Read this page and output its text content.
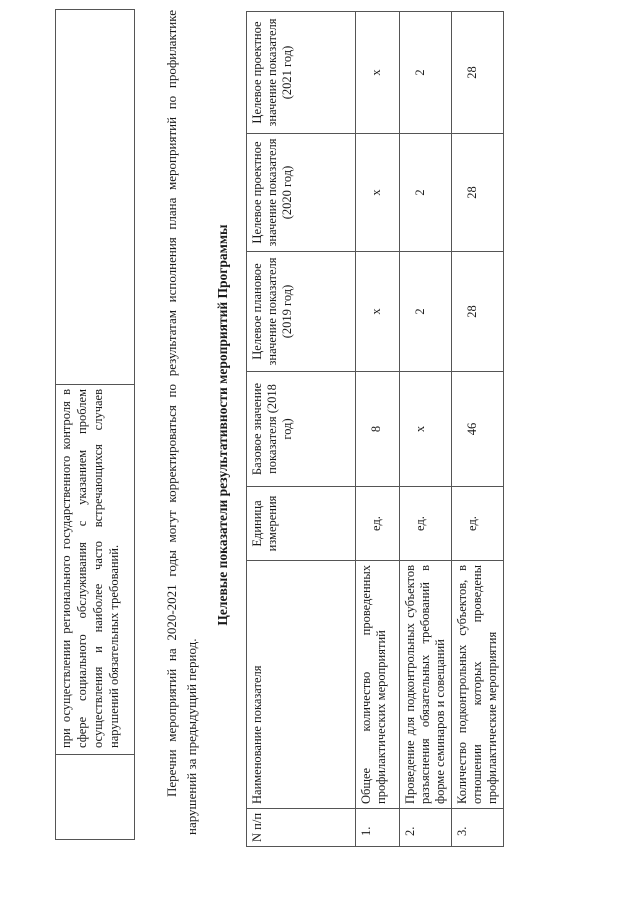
при осуществлении регионального государственного контроля в сфере социального обслуживания с указанием проблем осуществления и наиболее часто встречающихся случаев нарушений обязательных требований.
		Перечни мероприятий на 2020-2021 годы могут корректироваться по результатам исполнения плана мероприятий по профилактике нарушений за предыдущий период.
Целевые показатели результативности мероприятий Программы
N п/п	Наименование показателя	Единица измерения	Базовое значение показателя (2018 год)	Целевое плановое значение показателя (2019 год)	Целевое проектное значение показателя (2020 год)	Целевое проектное значение показателя (2021 год)
1.	Общее количество проведенных профилактических мероприятий	ед.	8	x	x	x
2.	Проведение для подконтрольных субъектов разъяснения обязательных требований в форме семинаров и совещаний	ед.	x	2	2	2
3.	Количество подконтрольных субъектов, в отношении которых проведены профилактические мероприятия	ед.	46	28	28	28
